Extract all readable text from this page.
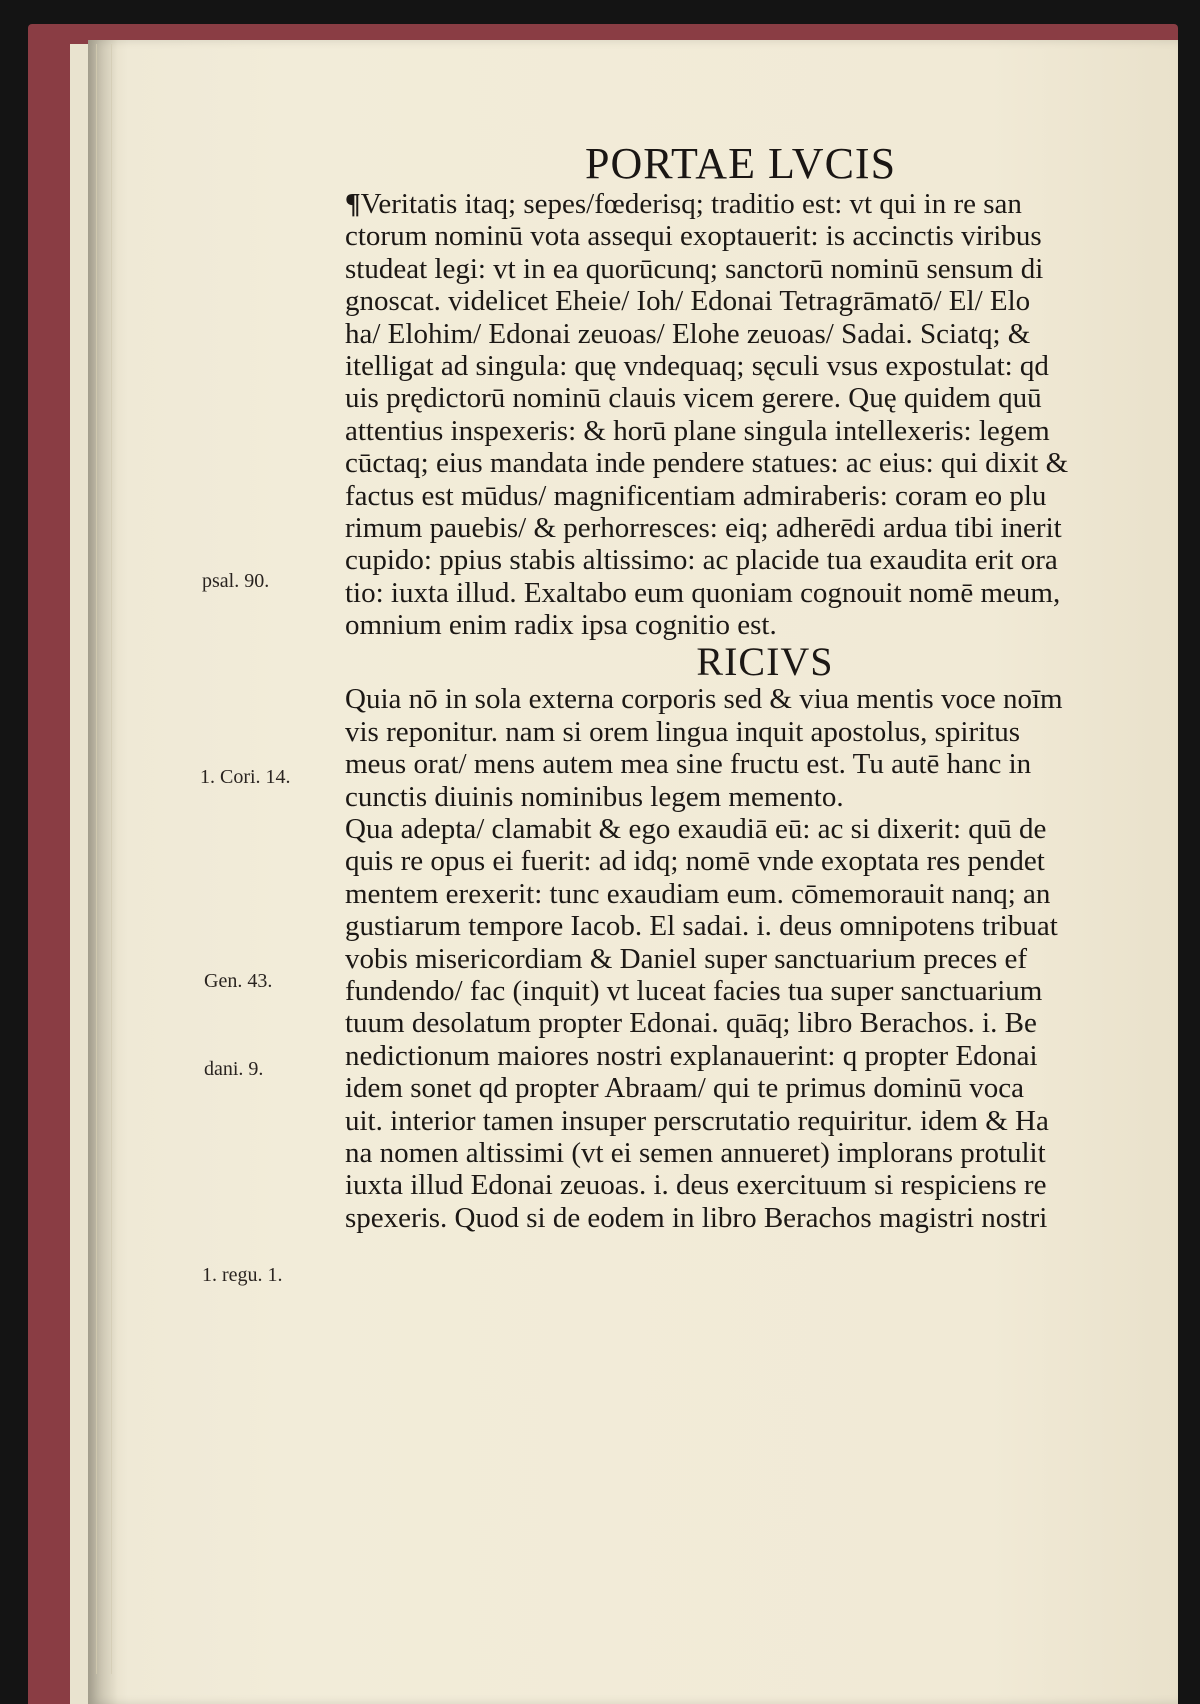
PORTAE LVCIS
psal. 90.
1. Cori. 14.
Gen. 43.
dani. 9.
1. regu. 1.
¶Veritatis itaq; sepes/fœderisq; traditio est: vt qui in re san
ctorum nominū vota assequi exoptauerit: is accinctis viribus
studeat legi: vt in ea quorūcunq; sanctorū nominū sensum di
gnoscat. videlicet Eheie/ Ioh/ Edonai Tetragrāmatō/ El/ Elo
ha/ Elohim/ Edonai zeuoas/ Elohe zeuoas/ Sadai. Sciatq; &
itelligat ad singula: quę vndequaq; sęculi vsus expostulat: qd
uis prędictorū nominū clauis vicem gerere. Quę quidem quū
attentius inspexeris: & horū plane singula intellexeris: legem
cūctaq; eius mandata inde pendere statues: ac eius: qui dixit &
factus est mūdus/ magnificentiam admiraberis: coram eo plu
rimum pauebis/ & perhorresces: eiq; adherēdi ardua tibi inerit
cupido: ppius stabis altissimo: ac placide tua exaudita erit ora
tio: iuxta illud. Exaltabo eum quoniam cognouit nomē meum,
omnium enim radix ipsa cognitio est.
RICIVS
Quia nō in sola externa corporis sed & viua mentis voce noīm
vis reponitur. nam si orem lingua inquit apostolus, spiritus
meus orat/ mens autem mea sine fructu est. Tu autē hanc in
cunctis diuinis nominibus legem memento.
Qua adepta/ clamabit & ego exaudiā eū: ac si dixerit: quū de
quis re opus ei fuerit: ad idq; nomē vnde exoptata res pendet
mentem erexerit: tunc exaudiam eum. cōmemorauit nanq; an
gustiarum tempore Iacob. El sadai. i. deus omnipotens tribuat
vobis misericordiam & Daniel super sanctuarium preces ef
fundendo/ fac (inquit) vt luceat facies tua super sanctuarium
tuum desolatum propter Edonai. quāq; libro Berachos. i. Be
nedictionum maiores nostri explanauerint: q propter Edonai
idem sonet qd propter Abraam/ qui te primus dominū voca
uit. interior tamen insuper perscrutatio requiritur. idem & Ha
na nomen altissimi (vt ei semen annueret) implorans protulit
iuxta illud Edonai zeuoas. i. deus exercituum si respiciens re
spexeris. Quod si de eodem in libro Berachos magistri nostri
